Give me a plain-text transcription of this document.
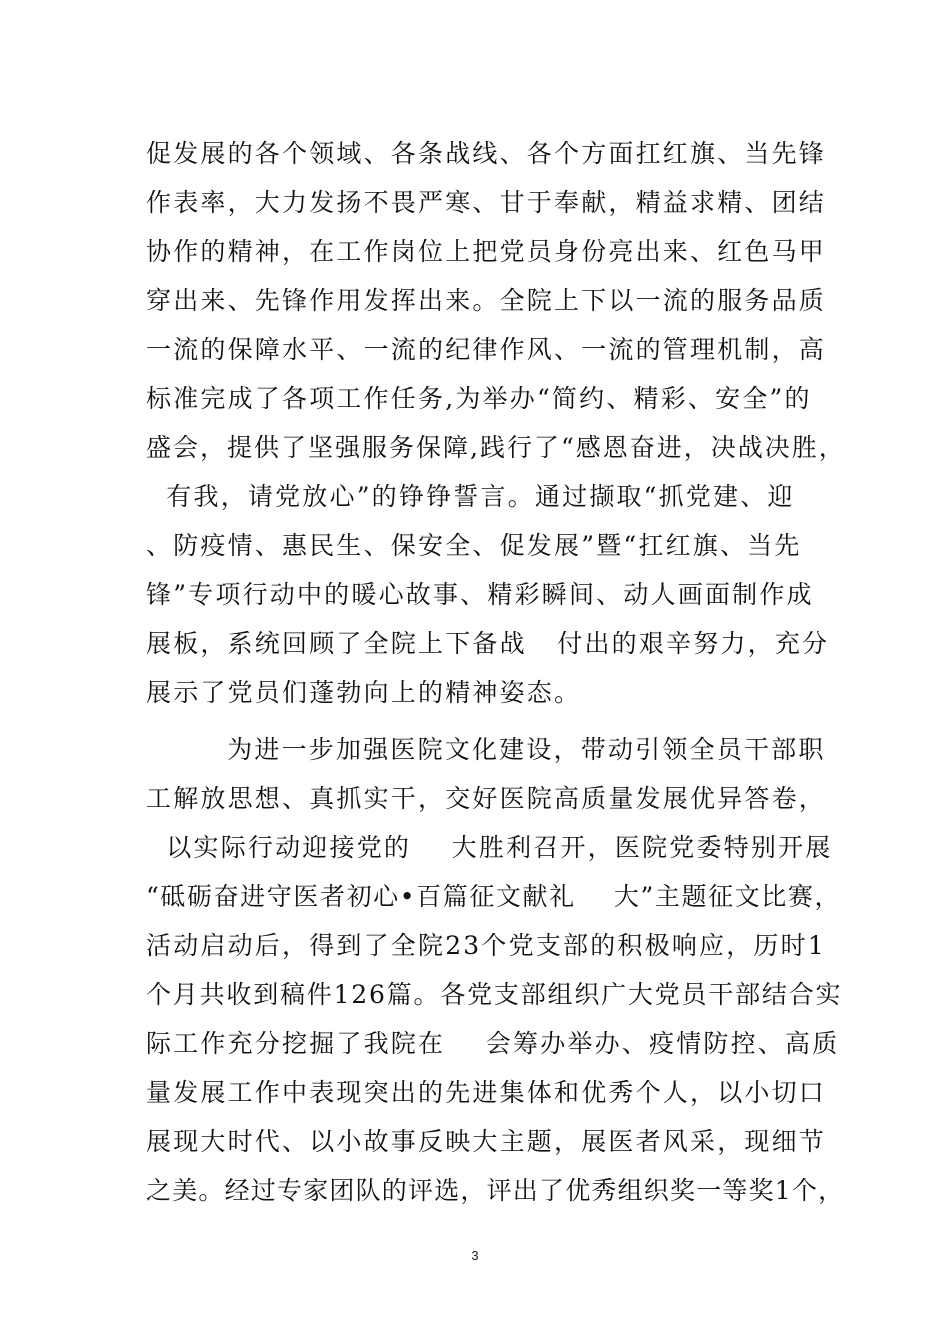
促发展的各个领域、各条战线、各个方面扛红旗、当先锋
作表率，大力发扬不畏严寒、甘于奉献，精益求精、团结
协作的精神，在工作岗位上把党员身份亮出来、红色马甲
穿出来、先锋作用发挥出来。全院上下以一流的服务品质
一流的保障水平、一流的纪律作风、一流的管理机制，高
标准完成了各项工作任务,为举办“简约、精彩、安全”的
盛会，提供了坚强服务保障,践行了“感恩奋进，决战决胜，
有我，请党放心”的铮铮誓言。通过撷取“抓党建、迎
、防疫情、惠民生、保安全、促发展”暨“扛红旗、当先
锋”专项行动中的暖心故事、精彩瞬间、动人画面制作成
展板，系统回顾了全院上下备战   付出的艰辛努力，充分
展示了党员们蓬勃向上的精神姿态。
为进一步加强医院文化建设，带动引领全员干部职
工解放思想、真抓实干，交好医院高质量发展优异答卷，
以实际行动迎接党的    大胜利召开，医院党委特别开展
“砥砺奋进守医者初心•百篇征文献礼    大”主题征文比赛，
活动启动后，得到了全院23个党支部的积极响应，历时1
个月共收到稿件126篇。各党支部组织广大党员干部结合实
际工作充分挖掘了我院在    会筹办举办、疫情防控、高质
量发展工作中表现突出的先进集体和优秀个人，以小切口
展现大时代、以小故事反映大主题，展医者风采，现细节
之美。经过专家团队的评选，评出了优秀组织奖一等奖1个，
3
